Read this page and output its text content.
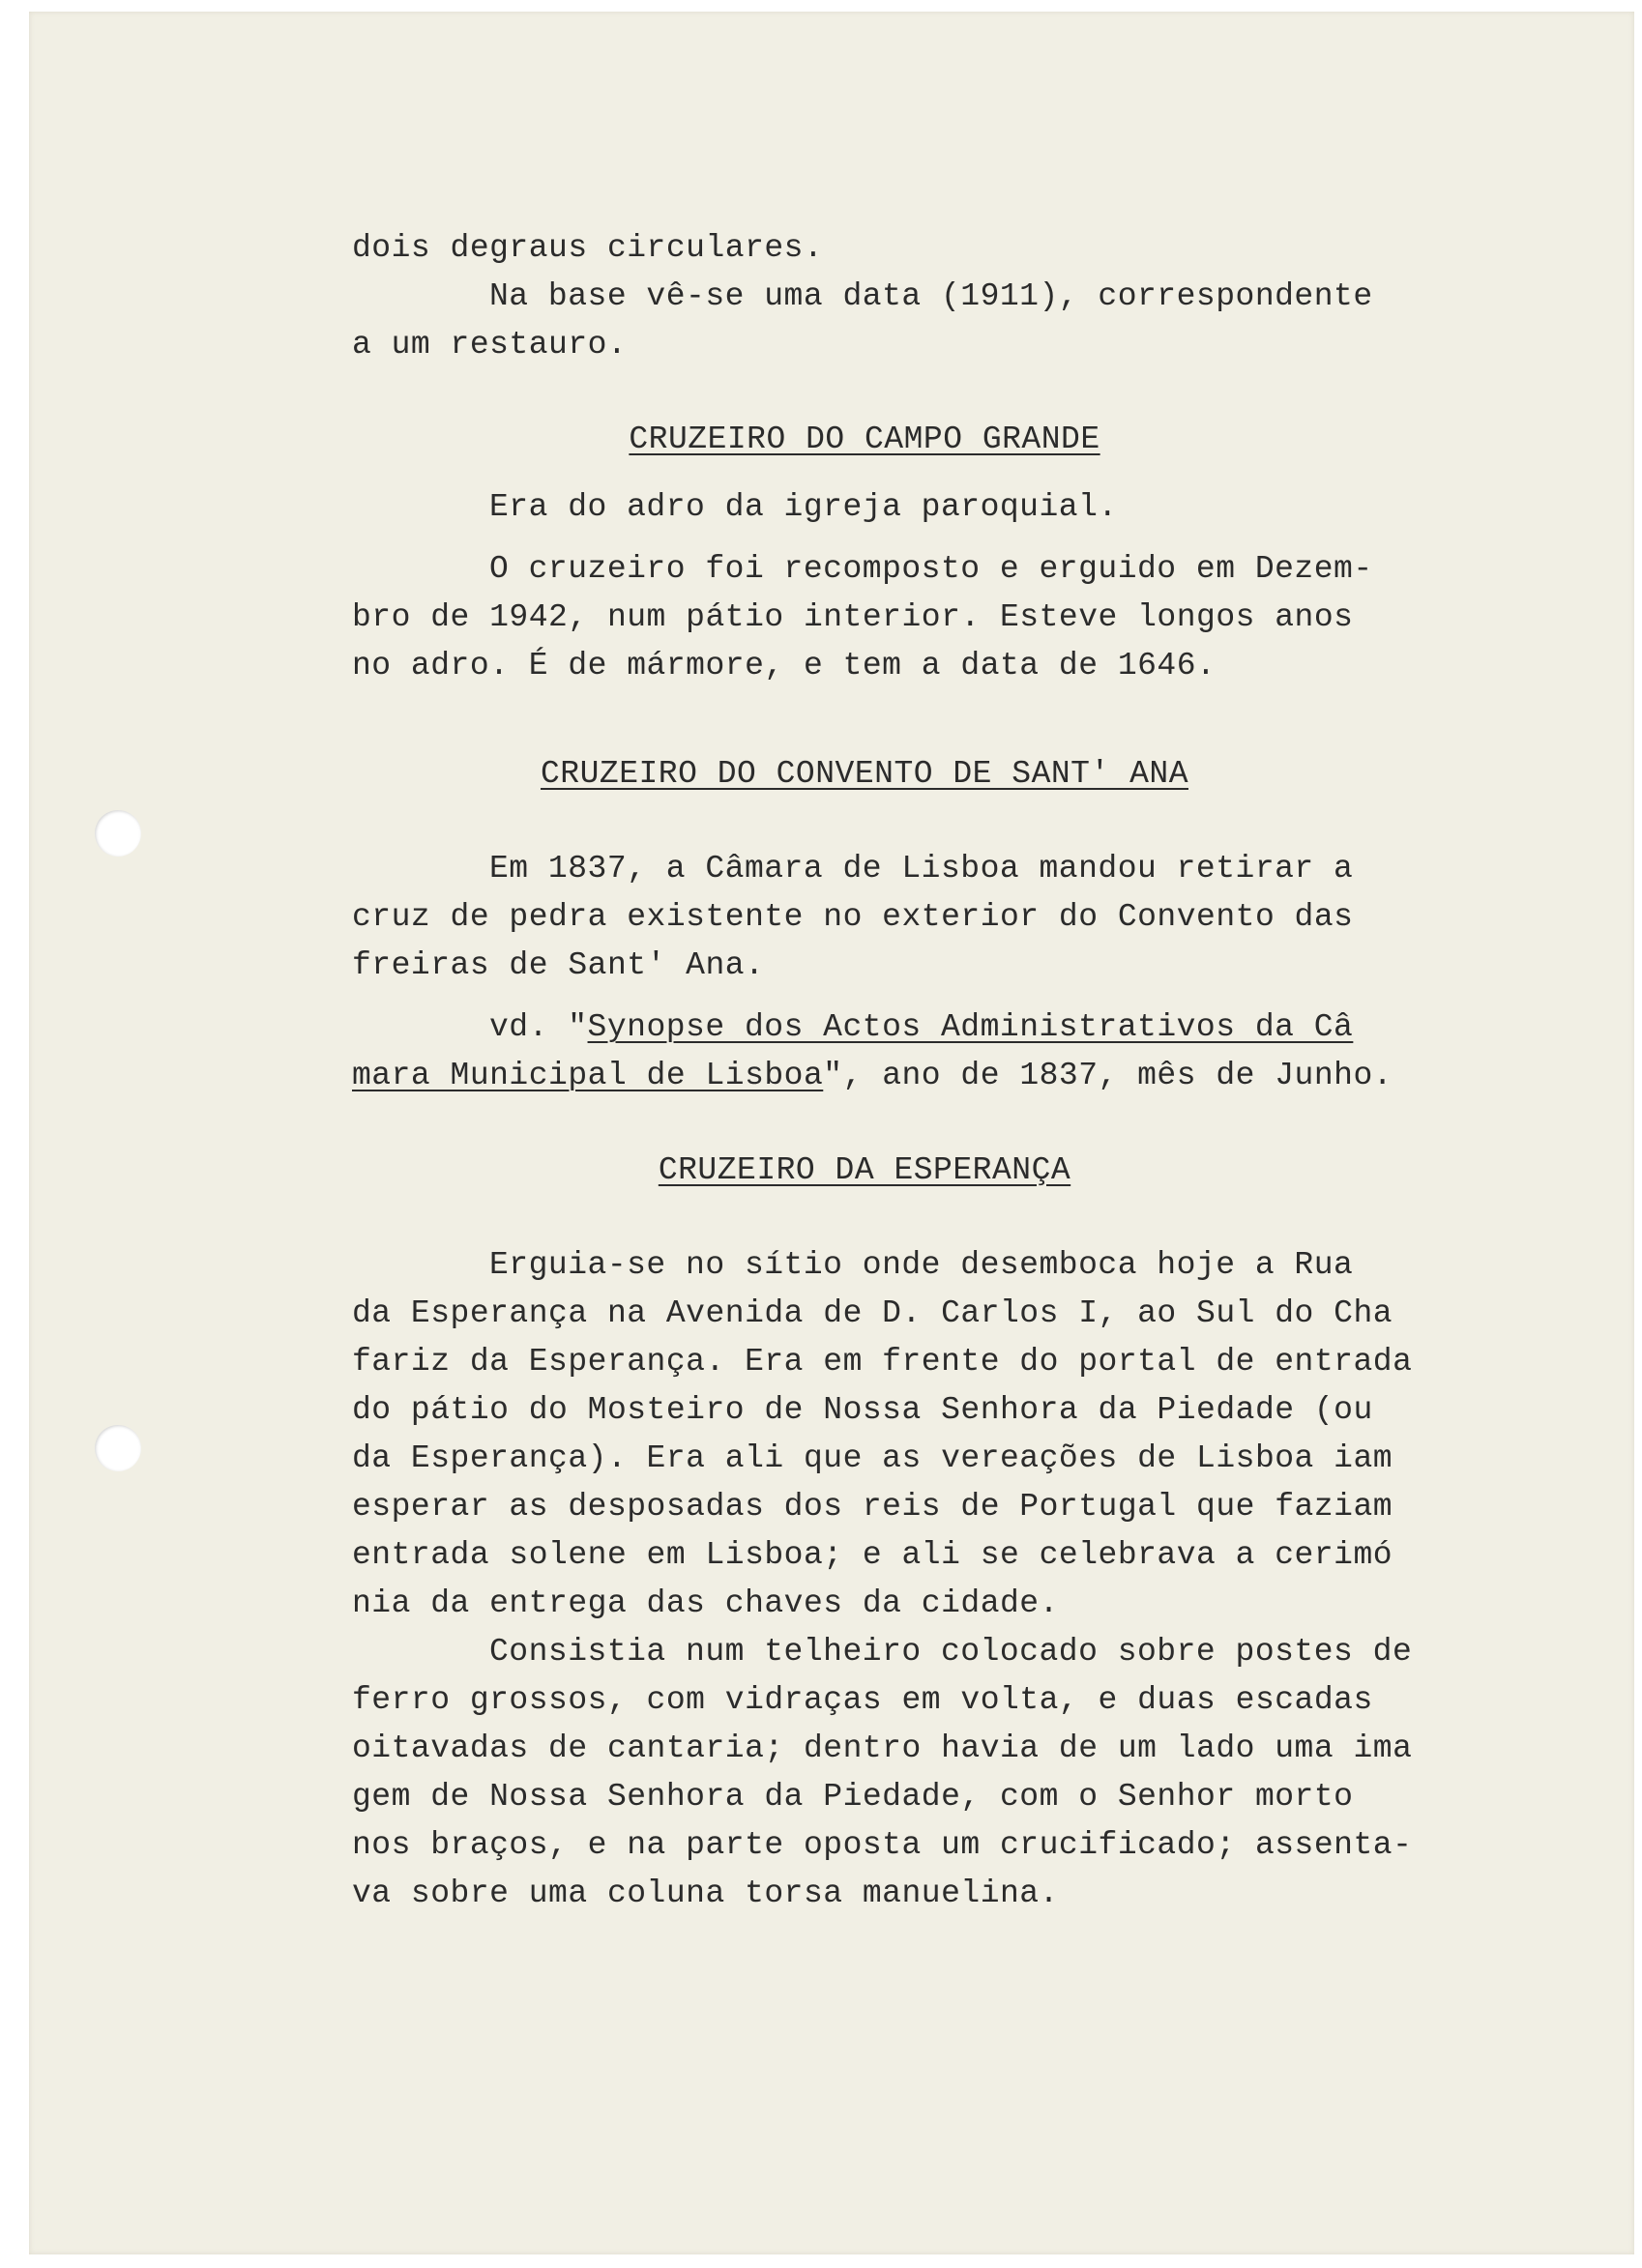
dois degraus circulares.
Na base vê-se uma data (1911), correspondente
a um restauro.
CRUZEIRO DO CAMPO GRANDE
Era do adro da igreja paroquial.
O cruzeiro foi recomposto e erguido em Dezem-
bro de 1942, num pátio interior. Esteve longos anos
no adro. É de mármore, e tem a data de 1646.
CRUZEIRO DO CONVENTO DE SANT' ANA
Em 1837, a Câmara de Lisboa mandou retirar a
cruz de pedra existente no exterior do Convento das
freiras de Sant' Ana.
vd. "Synopse dos Actos Administrativos da Câ
mara Municipal de Lisboa", ano de 1837, mês de Junho.
CRUZEIRO DA ESPERANÇA
Erguia-se no sítio onde desemboca hoje a Rua
da Esperança na Avenida de D. Carlos I, ao Sul do Cha
fariz da Esperança. Era em frente do portal de entrada
do pátio do Mosteiro de Nossa Senhora da Piedade (ou
da Esperança). Era ali que as vereações de Lisboa iam
esperar as desposadas dos reis de Portugal que faziam
entrada solene em Lisboa; e ali se celebrava a cerimó
nia da entrega das chaves da cidade.
Consistia num telheiro colocado sobre postes de
ferro grossos, com vidraças em volta, e duas escadas
oitavadas de cantaria; dentro havia de um lado uma ima
gem de Nossa Senhora da Piedade, com o Senhor morto
nos braços, e na parte oposta um crucificado; assenta-
va sobre uma coluna torsa manuelina.
